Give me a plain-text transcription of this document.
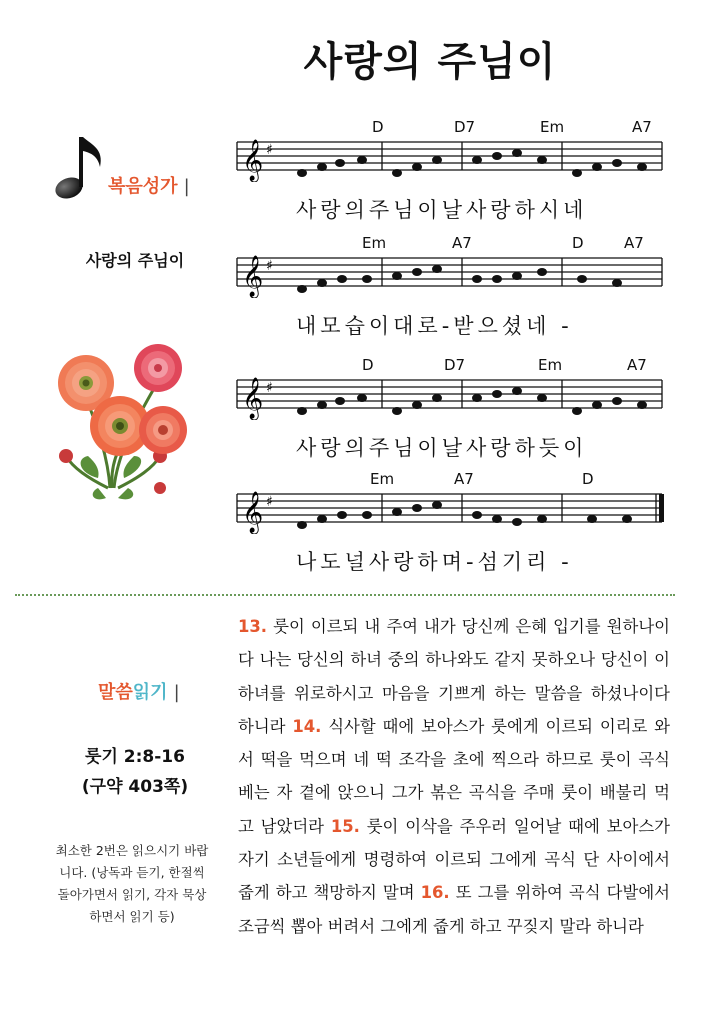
사랑의 주님이
복음성가 |
사랑의 주님이
𝄞 ♯
D	D7	Em	A7
사랑의주님이날사랑하시네
𝄞 ♯
Em	A7	D	A7
내모습이대로-받으셨네 -
𝄞 ♯
D	D7	Em	A7
사랑의주님이날사랑하듯이
𝄞 ♯
Em	A7	D
나도널사랑하며-섬기리 -
말씀읽기 |
룻기 2:8-16
(구약 403쪽)
최소한 2번은 읽으시기 바랍니다. (낭독과 듣기, 한절씩 돌아가면서 읽기, 각자 묵상하면서 읽기 등)
13. 룻이 이르되 내 주여 내가 당신께 은혜 입기를 원하나이다 나는 당신의 하녀 중의 하나와도 같지 못하오나 당신이 이 하녀를 위로하시고 마음을 기쁘게 하는 말씀을 하셨나이다 하니라 14. 식사할 때에 보아스가 룻에게 이르되 이리로 와서 떡을 먹으며 네 떡 조각을 초에 찍으라 하므로 룻이 곡식 베는 자 곁에 앉으니 그가 볶은 곡식을 주매 룻이 배불리 먹고 남았더라 15. 룻이 이삭을 주우러 일어날 때에 보아스가 자기 소년들에게 명령하여 이르되 그에게 곡식 단 사이에서 줍게 하고 책망하지 말며 16. 또 그를 위하여 곡식 다발에서 조금씩 뽑아 버려서 그에게 줍게 하고 꾸짖지 말라 하니라
